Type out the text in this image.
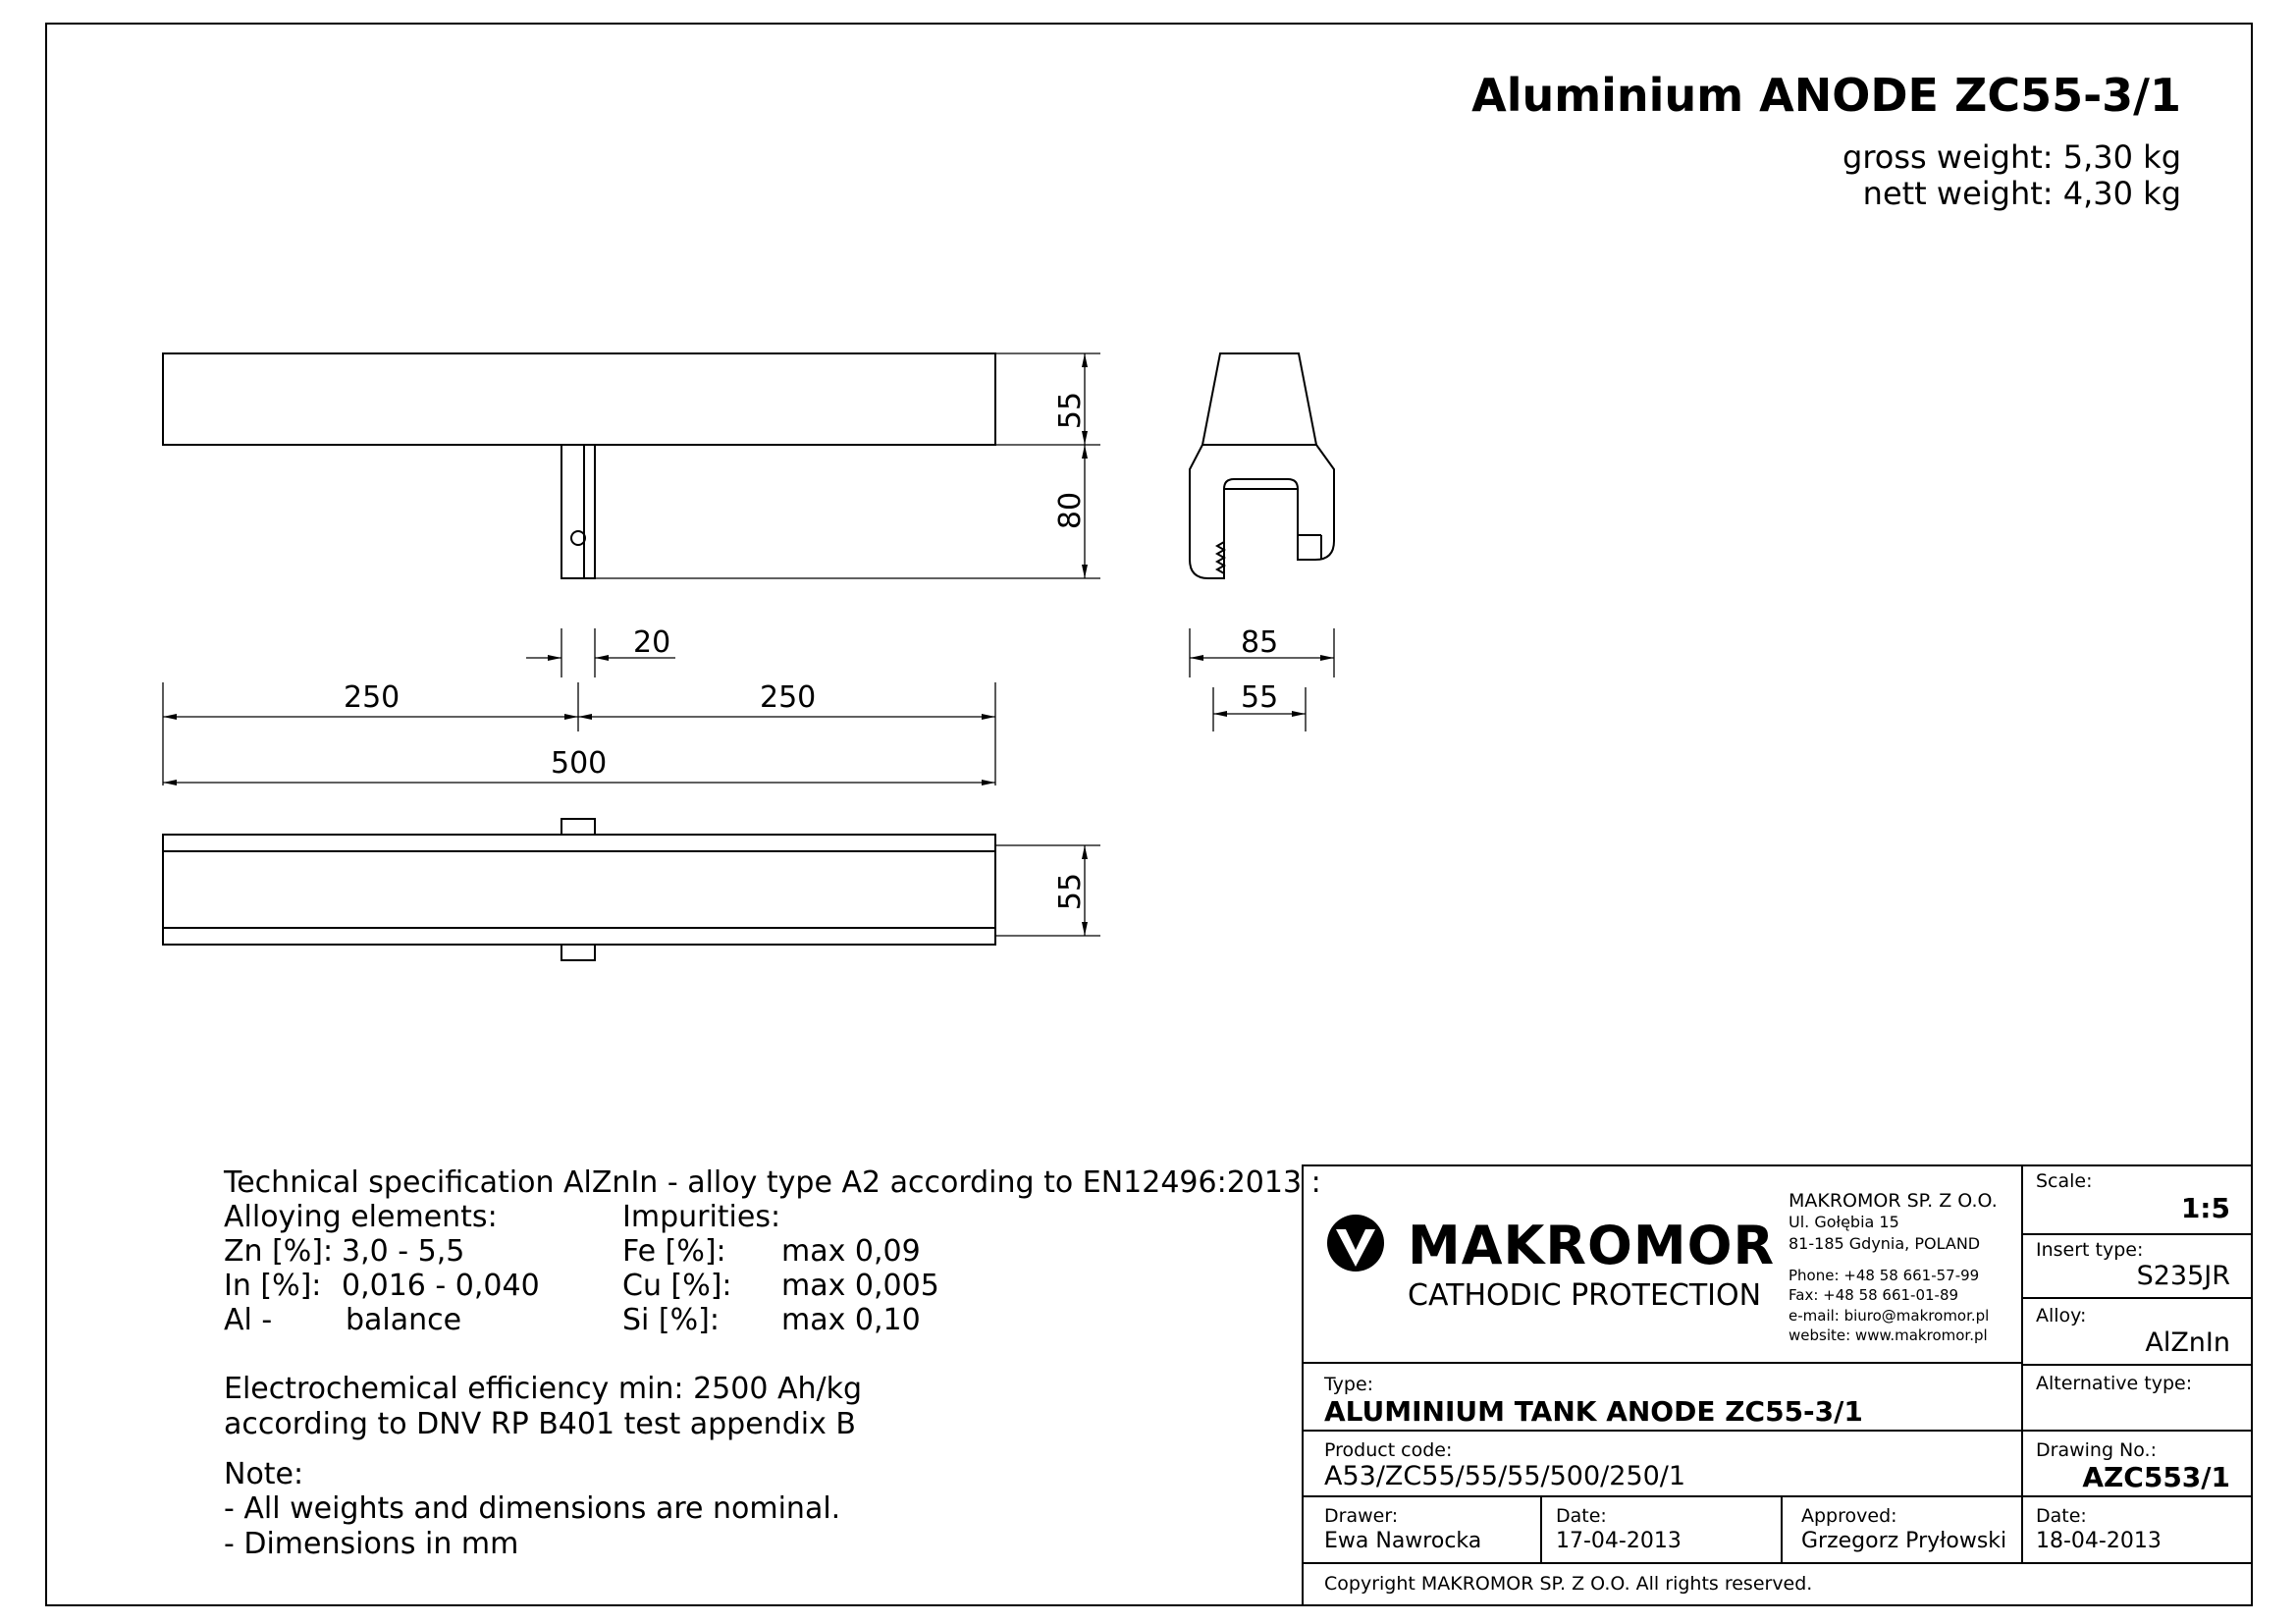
Aluminium ANODE ZC55-3/1
gross weight: 5,30 kg
nett weight: 4,30 kg
55
80
20
250	250
500
85
55
55
Technical specification AlZnIn - alloy type A2 according to EN12496:2013 :
Alloying elements:	Impurities:
Zn [%]: 3,0 - 5,5
In [%]: 0,016 - 0,040
Al - balance
Fe [%]: max 0,09
Cu [%]: max 0,005
Si [%]: max 0,10
Electrochemical efficiency min: 2500 Ah/kg
according to DNV RP B401 test appendix B
Note:
- All weights and dimensions are nominal.
- Dimensions in mm
MAKROMOR
CATHODIC PROTECTION
MAKROMOR SP. Z O.O.
Ul. Gołębia 15
81-185 Gdynia, POLAND
Phone: +48 58 661-57-99
Fax: +48 58 661-01-89
e-mail: biuro@makromor.pl
website: www.makromor.pl
Scale:
1:5
Insert type:
S235JR
Alloy:
AlZnIn
Alternative type:
Type:
ALUMINIUM TANK ANODE ZC55-3/1
Product code:
A53/ZC55/55/55/500/250/1
Drawing No.:
AZC553/1
Drawer:
Ewa Nawrocka
Date:
17-04-2013
Approved:
Grzegorz Pryłowski
Date:
18-04-2013
Copyright MAKROMOR SP. Z O.O. All rights reserved.
